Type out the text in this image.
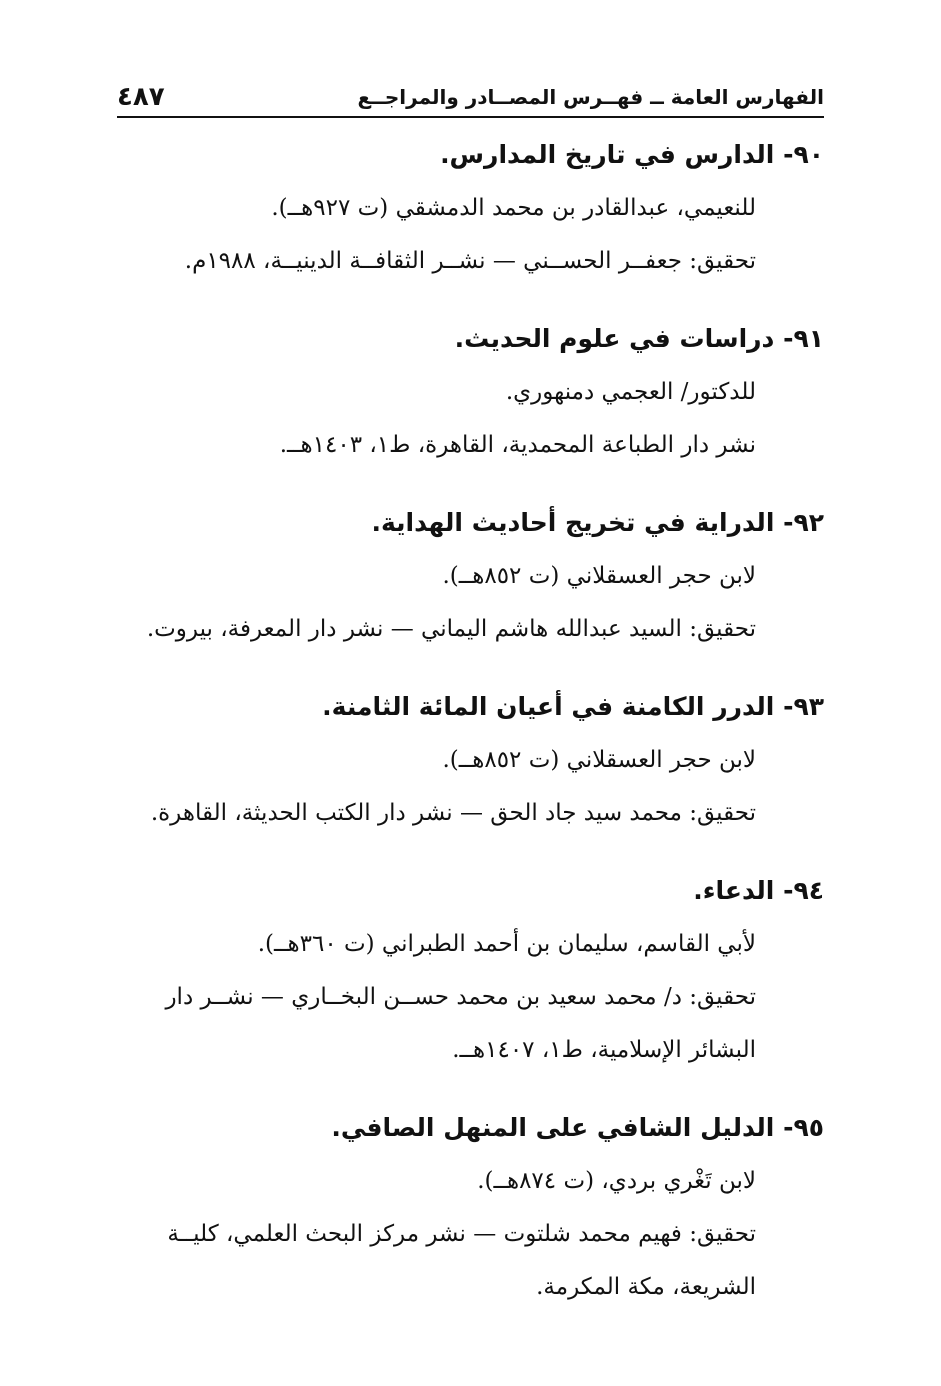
٤٨٧	الفهارس العامة ــ فهــرس المصــادر والمراجــع

٩٠- الدارس في تاريخ المدارس.

للنعيمي، عبدالقادر بن محمد الدمشقي (ت ٩٢٧هــ).

تحقيق: جعفــر الحســني — نشــر الثقافــة الدينيــة، ١٩٨٨م.

٩١- دراسات في علوم الحديث.

للدكتور/ العجمي دمنهوري.

نشر دار الطباعة المحمدية، القاهرة، ط١، ١٤٠٣هــ.

٩٢- الدراية في تخريج أحاديث الهداية.

لابن حجر العسقلاني (ت ٨٥٢هــ).

تحقيق: السيد عبدالله هاشم اليماني — نشر دار المعرفة، بيروت.

٩٣- الدرر الكامنة في أعيان المائة الثامنة.

لابن حجر العسقلاني (ت ٨٥٢هــ).

تحقيق: محمد سيد جاد الحق — نشر دار الكتب الحديثة، القاهرة.

٩٤- الدعاء.

لأبي القاسم، سليمان بن أحمد الطبراني (ت ٣٦٠هــ).

تحقيق: د/ محمد سعيد بن محمد حســن البخــاري — نشــر دار

البشائر الإسلامية، ط١، ١٤٠٧هــ.

٩٥- الدليل الشافي على المنهل الصافي.

لابن تَغْري بردي، (ت ٨٧٤هــ).

تحقيق: فهيم محمد شلتوت — نشر مركز البحث العلمي، كليــة

الشريعة، مكة المكرمة.
